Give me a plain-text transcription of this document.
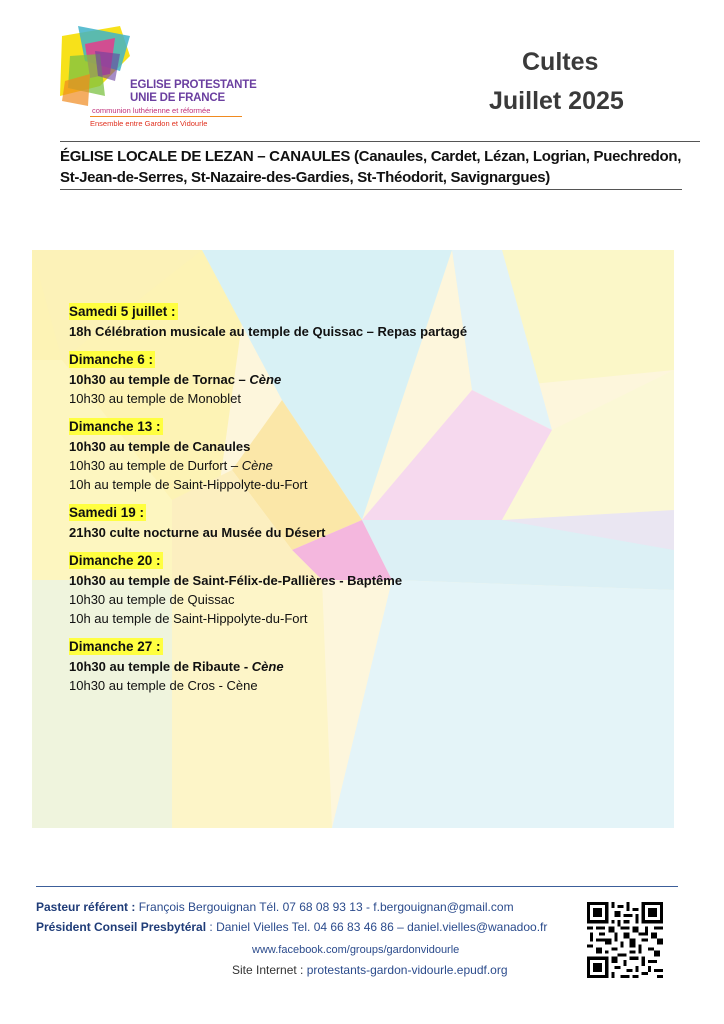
EGLISE PROTESTANTE
UNIE DE FRANCE
communion luthérienne et réformée
Ensemble entre Gardon et Vidourle
Cultes
Juillet 2025
ÉGLISE LOCALE DE LEZAN – CANAULES (Canaules, Cardet, Lézan, Logrian, Puechredon, St-Jean-de-Serres, St-Nazaire-des-Gardies, St-Théodorit, Savignargues)
Samedi 5 juillet :
18h Célébration musicale au temple de Quissac – Repas partagé
Dimanche 6 :
10h30 au temple de Tornac – Cène
10h30 au temple de Monoblet
Dimanche 13 :
10h30 au temple de Canaules
10h30 au temple de Durfort – Cène
10h au temple de Saint-Hippolyte-du-Fort
Samedi 19 :
21h30 culte nocturne au Musée du Désert
Dimanche 20 :
10h30 au temple de Saint-Félix-de-Pallières - Baptême
10h30 au temple de Quissac
10h au temple de Saint-Hippolyte-du-Fort
Dimanche 27 :
10h30 au temple de Ribaute - Cène
10h30 au temple de Cros - Cène
Pasteur référent : François Bergouignan Tél. 07 68 08 93 13 - f.bergouignan@gmail.com
Président Conseil Presbytéral : Daniel Vielles Tel. 04 66 83 46 86 – daniel.vielles@wanadoo.fr
www.facebook.com/groups/gardonvidourle
Site Internet : protestants-gardon-vidourle.epudf.org
